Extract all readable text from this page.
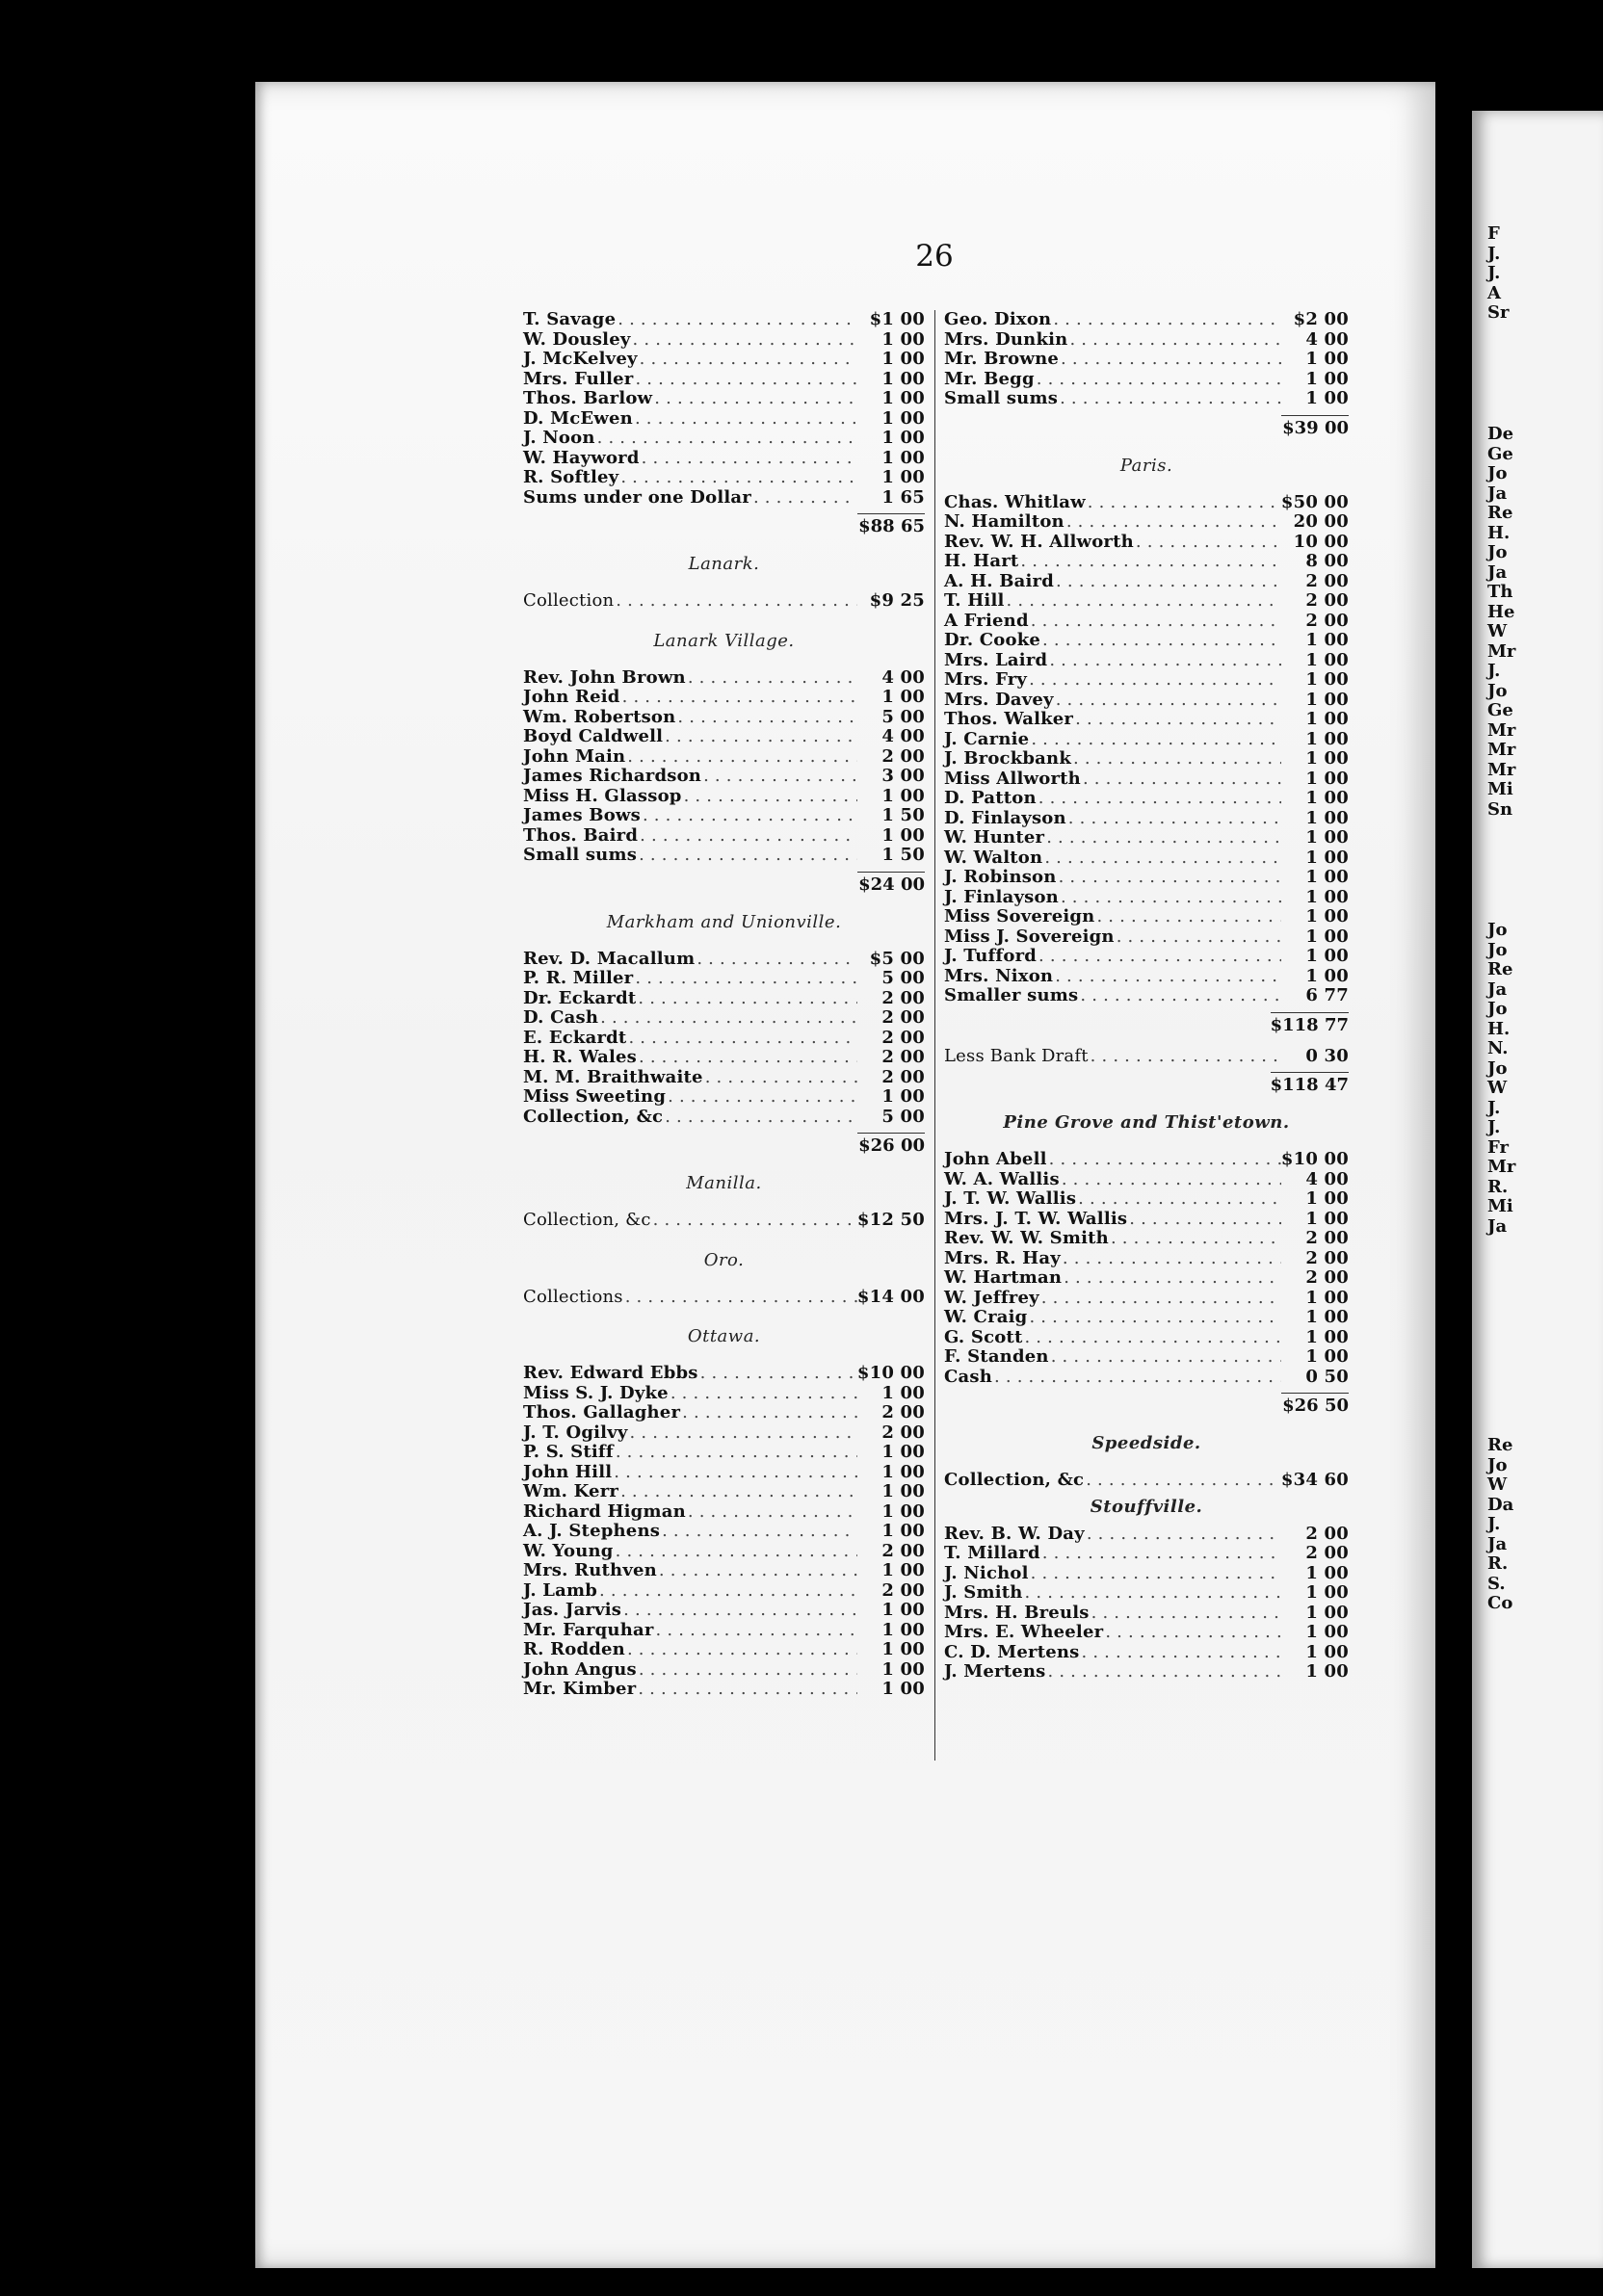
F
J.
J.
A
Sr
De
Ge
Jo
Ja
Re
H.
Jo
Ja
Th
He
W
Mr
J.
Jo
Ge
Mr
Mr
Mr
Mi
Sn
Jo
Jo
Re
Ja
Jo
H.
N.
Jo
W
J.
J.
Fr
Mr
R.
Mi
Ja
Re
Jo
W
Da
J.
Ja
R.
S.
Co
26
T. Savage . . .	$1 00
W. Dousley . . .	1 00
J. McKelvey . . .	1 00
Mrs. Fuller . . .	1 00
Thos. Barlow . . .	1 00
D. McEwen . . .	1 00
J. Noon . . .	1 00
W. Hayword . . .	1 00
R. Softley . . .	1 00
Sums under one Dollar . . .	1 65
$88 65
Lanark.
Collection . . .	$9 25
Lanark Village.
Rev. John Brown . . .	4 00
John Reid . . .	1 00
Wm. Robertson . . .	5 00
Boyd Caldwell . . .	4 00
John Main . . .	2 00
James Richardson . . .	3 00
Miss H. Glassop . . .	1 00
James Bows . . .	1 50
Thos. Baird . . .	1 00
Small sums . . .	1 50
$24 00
Markham and Unionville.
Rev. D. Macallum . . .	$5 00
P. R. Miller . . .	5 00
Dr. Eckardt . . .	2 00
D. Cash . . .	2 00
E. Eckardt . . .	2 00
H. R. Wales . . .	2 00
M. M. Braithwaite . . .	2 00
Miss Sweeting . . .	1 00
Collection, &c . . .	5 00
$26 00
Manilla.
Collection, &c . . .	$12 50
Oro.
Collections . . .	$14 00
Ottawa.
Rev. Edward Ebbs . . .	$10 00
Miss S. J. Dyke . . .	1 00
Thos. Gallagher . . .	2 00
J. T. Ogilvy . . .	2 00
P. S. Stiff . . .	1 00
John Hill . . .	1 00
Wm. Kerr . . .	1 00
Richard Higman . . .	1 00
A. J. Stephens . . .	1 00
W. Young . . .	2 00
Mrs. Ruthven . . .	1 00
J. Lamb . . .	2 00
Jas. Jarvis . . .	1 00
Mr. Farquhar . . .	1 00
R. Rodden . . .	1 00
John Angus . . .	1 00
Mr. Kimber . . .	1 00
Geo. Dixon . . .	$2 00
Mrs. Dunkin . . .	4 00
Mr. Browne . . .	1 00
Mr. Begg . . .	1 00
Small sums . . .	1 00
$39 00
Paris.
Chas. Whitlaw . . .	$50 00
N. Hamilton . . .	20 00
Rev. W. H. Allworth . . .	10 00
H. Hart . . .	8 00
A. H. Baird . . .	2 00
T. Hill . . .	2 00
A Friend . . .	2 00
Dr. Cooke . . .	1 00
Mrs. Laird . . .	1 00
Mrs. Fry . . .	1 00
Mrs. Davey . . .	1 00
Thos. Walker . . .	1 00
J. Carnie . . .	1 00
J. Brockbank . . .	1 00
Miss Allworth . . .	1 00
D. Patton . . .	1 00
D. Finlayson . . .	1 00
W. Hunter . . .	1 00
W. Walton . . .	1 00
J. Robinson . . .	1 00
J. Finlayson . . .	1 00
Miss Sovereign . . .	1 00
Miss J. Sovereign . . .	1 00
J. Tufford . . .	1 00
Mrs. Nixon . . .	1 00
Smaller sums . . .	6 77
$118 77
Less Bank Draft . . .	0 30
$118 47
Pine Grove and Thist'etown.
John Abell . . .	$10 00
W. A. Wallis . . .	4 00
J. T. W. Wallis . . .	1 00
Mrs. J. T. W. Wallis . . .	1 00
Rev. W. W. Smith . . .	2 00
Mrs. R. Hay . . .	2 00
W. Hartman . . .	2 00
W. Jeffrey . . .	1 00
W. Craig . . .	1 00
G. Scott . . .	1 00
F. Standen . . .	1 00
Cash . . .	0 50
$26 50
Speedside.
Collection, &c . . .	$34 60
Stouffville.
Rev. B. W. Day . . .	2 00
T. Millard . . .	2 00
J. Nichol . . .	1 00
J. Smith . . .	1 00
Mrs. H. Breuls . . .	1 00
Mrs. E. Wheeler . . .	1 00
C. D. Mertens . . .	1 00
J. Mertens . . .	1 00
